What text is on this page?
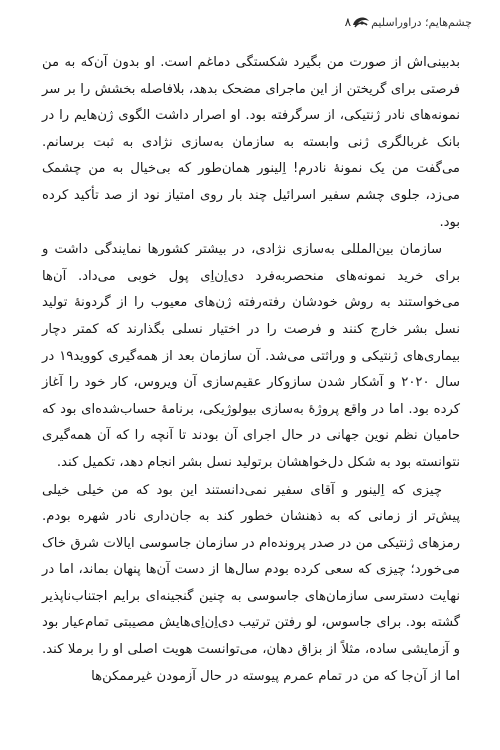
۸ چشم‌هایم؛ دراوراسلیم

بدبینی‌اش از صورت من بگیرد شکستگی دماغم است. او بدون آن‌که به من فرصتی برای گریختن از این ماجرای مضحک بدهد، بلافاصله بخشش را بر سر نمونه‌های نادر ژنتیکی، از سرگرفته بود. او اصرار داشت الگوی ژن‌هایم را در بانک غربالگری ژنی وابسته به سازمان به‌سازی نژادی به ثبت برسانم. می‌گفت من یک نمونهٔ نادرم! اِلینور همان‌طور که بی‌خیال به من چشمک می‌زد، جلوی چشم سفیر اسرائیل چند بار روی امتیاز نود از صد تأکید کرده بود.

سازمان بین‌المللی به‌سازی نژادی، در بیشتر کشورها نمایندگی داشت و برای خرید نمونه‌های منحصربه‌فرد دی‌اِن‌اِی پول خوبی می‌داد. آن‌ها می‌خواستند به روش خودشان رفته‌رفته ژن‌های معیوب را از گردونهٔ تولید نسل بشر خارج کنند و فرصت را در اختیار نسلی بگذارند که کمتر دچار بیماری‌های ژنتیکی و وراثتی می‌شد. آن سازمان بعد از همه‌گیری کووید۱۹ در سال ۲۰۲۰ و آشکار شدن سازوکار عقیم‌سازی آن ویروس، کار خود را آغاز کرده بود. اما در واقع پروژهٔ به‌سازی بیولوژیکی، برنامهٔ حساب‌شده‌ای بود که حامیان نظم نوین جهانی در حال اجرای آن بودند تا آنچه را که آن همه‌گیری نتوانسته بود به شکل دل‌خواهشان برتولید نسل بشر انجام دهد، تکمیل کند.

چیزی که اِلینور و آقای سفیر نمی‌دانستند این بود که من خیلی خیلی پیش‌تر از زمانی که به ذهنشان خطور کند به جان‌داری نادر شهره بودم. رمزهای ژنتیکی من در صدر پرونده‌ام در سازمان جاسوسی ایالات شرق خاک می‌خورد؛ چیزی که سعی کرده بودم سال‌ها از دست آن‌ها پنهان بماند، اما در نهایت دسترسی سازمان‌های جاسوسی به چنین گنجینه‌ای برایم اجتناب‌ناپذیر گشته بود. برای جاسوس، لو رفتن ترتیب دی‌اِن‌اِی‌هایش مصیبتی تمام‌عیار بود و آزمایشی ساده، مثلاً از بزاق دهان، می‌توانست هویت اصلی او را برملا کند. اما از آن‌جا که من در تمام عمرم پیوسته در حال آزمودن غیرممکن‌ها
